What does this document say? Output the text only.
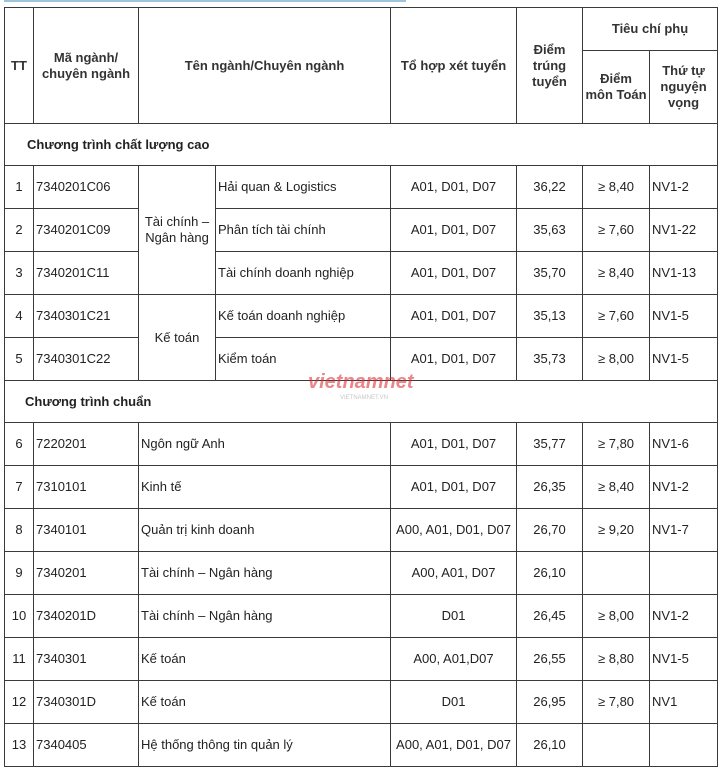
TT	Mã ngành/ chuyên ngành	Tên ngành/Chuyên ngành		Tổ hợp xét tuyển	Điểm trúng tuyển	Tiêu chí phụ	
						Điểm môn Toán	Thứ tự nguyện vọng
Chương trình chất lượng cao							
1	7340201C06	Tài chính – Ngân hàng	Hải quan & Logistics	A01, D01, D07	36,22	≥ 8,40	NV1-2
2	7340201C09		Phân tích tài chính	A01, D01, D07	35,63	≥ 7,60	NV1-22
3	7340201C11		Tài chính doanh nghiệp	A01, D01, D07	35,70	≥ 8,40	NV1-13
4	7340301C21	Kế toán	Kế toán doanh nghiệp	A01, D01, D07	35,13	≥ 7,60	NV1-5
5	7340301C22		Kiểm toán	A01, D01, D07	35,73	≥ 8,00	NV1-5
Chương trình chuẩn							
6	7220201	Ngôn ngữ Anh		A01, D01, D07	35,77	≥ 7,80	NV1-6
7	7310101	Kinh tế		A01, D01, D07	26,35	≥ 8,40	NV1-2
8	7340101	Quản trị kinh doanh		A00, A01, D01, D07	26,70	≥ 9,20	NV1-7
9	7340201	Tài chính – Ngân hàng		A00, A01, D07	26,10		
10	7340201D	Tài chính – Ngân hàng		D01	26,45	≥ 8,00	NV1-2
11	7340301	Kế toán		A00, A01,D07	26,55	≥ 8,80	NV1-5
12	7340301D	Kế toán		D01	26,95	≥ 7,80	NV1
13	7340405	Hệ thống thông tin quản lý		A00, A01, D01, D07	26,10		
vietnamnet
VIETNAMNET.VN
